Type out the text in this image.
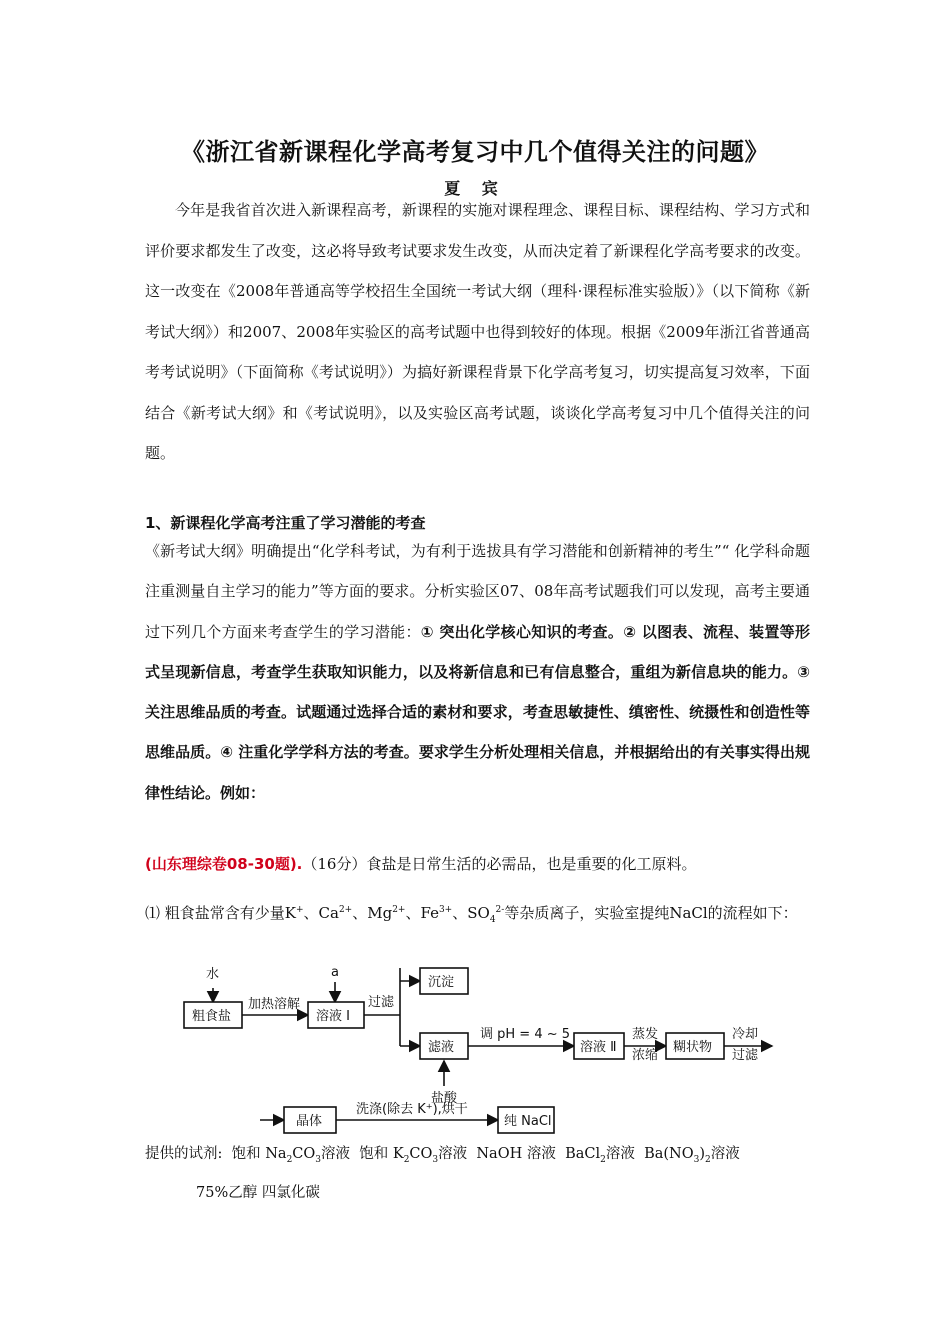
《浙江省新课程化学高考复习中几个值得关注的问题》
夏 宾
今年是我省首次进入新课程高考，新课程的实施对课程理念、课程目标、课程结构、学习方式和评价要求都发生了改变，这必将导致考试要求发生改变，从而决定着了新课程化学高考要求的改变。这一改变在《2008年普通高等学校招生全国统一考试大纲（理科·课程标准实验版）》（以下简称《新考试大纲》）和2007、2008年实验区的高考试题中也得到较好的体现。根据《2009年浙江省普通高考考试说明》（下面简称《考试说明》）为搞好新课程背景下化学高考复习，切实提高复习效率，下面结合《新考试大纲》和《考试说明》，以及实验区高考试题，谈谈化学高考复习中几个值得关注的问题。
1、新课程化学高考注重了学习潜能的考查
《新考试大纲》明确提出“化学科考试，为有利于选拔具有学习潜能和创新精神的考生”“ 化学科命题注重测量自主学习的能力”等方面的要求。分析实验区07、08年高考试题我们可以发现，高考主要通过下列几个方面来考查学生的学习潜能：① 突出化学核心知识的考查。② 以图表、流程、装置等形式呈现新信息，考查学生获取知识能力，以及将新信息和已有信息整合，重组为新信息块的能力。③ 关注思维品质的考查。试题通过选择合适的素材和要求，考查思敏捷性、缜密性、统摄性和创造性等思维品质。④ 注重化学学科方法的考查。要求学生分析处理相关信息，并根据给出的有关事实得出规律性结论。例如：
(山东理综卷08-30题).（16分）食盐是日常生活的必需品，也是重要的化工原料。
⑴ 粗食盐常含有少量K+、$Ca^{2+}$、$Mg^{2+}$、$Fe^{3+}$、$SO_4^{2-}$等杂质离子，实验室提纯NaCl的流程如下：
水
粗食盐
加热溶解
a
溶液 I
过滤
沉淀
滤液
调 pH = 4 ~ 5
溶液 Ⅱ
蒸发
浓缩
糊状物
冷却
过滤
盐酸
晶体
洗涤(除去 K⁺),烘干
纯 NaCl
提供的试剂: 饱和 $Na_2CO_3$溶液 饱和 $K_2CO_3$溶液 NaOH 溶液 BaCl$_2$溶液 $Ba(NO_3)_2$溶液
75%乙醇 四氯化碳
